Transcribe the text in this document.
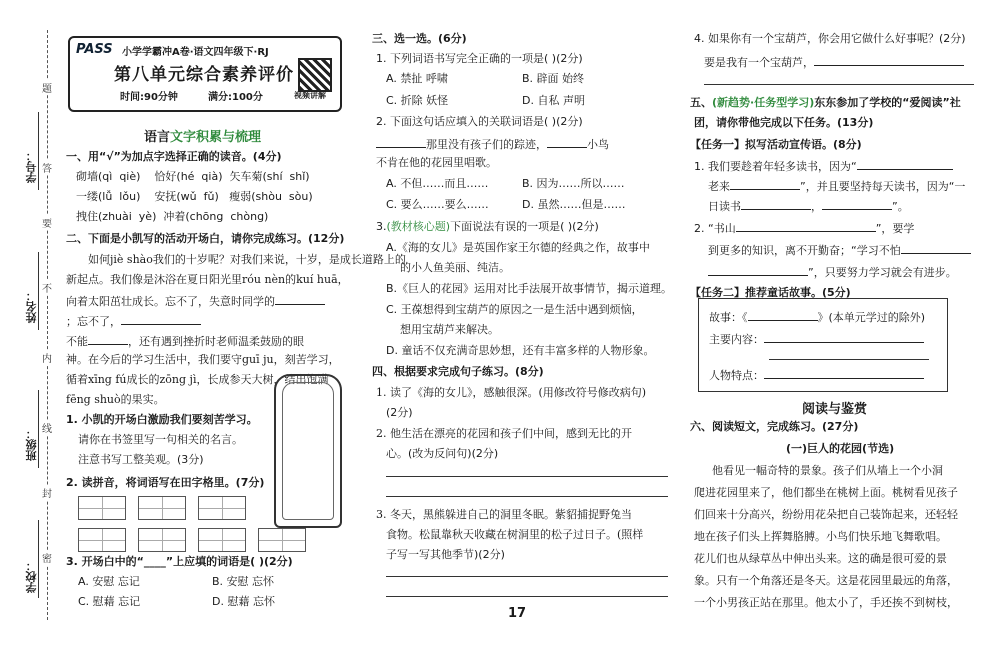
学号：
姓名：
班级：
学校：
题
答
要
不
内
线
封
密
PASS 小学学霸冲A卷·语文四年级下·RJ
第八单元综合素养评价
时间:90分钟	满分:100分	视频讲解
语言文字积累与梳理
一、用“√”为加点字选择正确的读音。(4分)
砌墙(qì  qiè)    恰好(hé  qià)  矢车菊(shí  shǐ)
一缕(lǚ  lǒu)    安抚(wǔ  fǔ)   瘦弱(shòu  sòu)
拽住(zhuài  yè)  冲着(chōng  chòng)
二、下面是小凯写的活动开场白，请你完成练习。(12分)
如何jiè shào我们的十岁呢？对我们来说，十岁，是成长道路上的
新起点。我们像是沐浴在夏日阳光里róu nèn的kuí huā，
向着太阳茁壮成长。忘不了，失意时同学的
；忘不了，
不能	，还有遇到挫折时老师温柔鼓励的眼
神。在今后的学习生活中，我们要守guī ju，刻苦学习，
循着xīng fú成长的zōng jì，长成参天大树，结出饱满
fēng shuò的果实。
1. 小凯的开场白激励我们要刻苦学习。
请你在书签里写一句相关的名言。
注意书写工整美观。(3分)
2. 读拼音，将词语写在田字格里。(7分)
3. 开场白中的“____”上应填的词语是( )(2分)
A. 安慰 忘记	B. 安慰 忘怀
C. 慰藉 忘记	D. 慰藉 忘怀
三、选一选。(6分)
1. 下列词语书写完全正确的一项是( )(2分)
A. 禁扯 呼啸	B. 辟面 始终
C. 折除 妖怪	D. 自私 声明
2. 下面这句话应填入的关联词语是( )(2分)
那里没有孩子们的踪迹，	小鸟
不肯在他的花园里唱歌。
A. 不但……而且……	B. 因为……所以……
C. 要么……要么……	D. 虽然……但是……
3.(教材核心题)下面说法有误的一项是( )(2分)
A.《海的女儿》是英国作家王尔德的经典之作，故事中
的小人鱼美丽、纯洁。
B.《巨人的花园》运用对比手法展开故事情节，揭示道理。
C. 王葆想得到宝葫芦的原因之一是生活中遇到烦恼，
想用宝葫芦来解决。
D. 童话不仅充满奇思妙想，还有丰富多样的人物形象。
四、根据要求完成句子练习。(8分)
1. 读了《海的女儿》，感触很深。(用修改符号修改病句)
(2分)
2. 他生活在漂亮的花园和孩子们中间，感到无比的开
心。(改为反问句)(2分)
3. 冬天，黑熊躲进自己的洞里冬眠。紫貂捕捉野兔当
食物。松鼠靠秋天收藏在树洞里的松子过日子。(照样
子写一写其他季节)(2分)
17
4. 如果你有一个宝葫芦，你会用它做什么好事呢？(2分)
要是我有一个宝葫芦，
五、(新趋势·任务型学习)东东参加了学校的“爱阅读”社
团，请你带他完成以下任务。(13分)
【任务一】拟写活动宣传语。(8分)
1. 我们要趁着年轻多读书，因为“
老来	”，并且要坚持每天读书，因为“一
日读书	，	”。
2. “书山	”，要学
到更多的知识，离不开勤奋；“学习不怕
”，只要努力学习就会有进步。
【任务二】推荐童话故事。(5分)
故事：《	》(本单元学过的除外)
主要内容：
人物特点：
阅读与鉴赏
六、阅读短文，完成练习。(27分)
(一)巨人的花园(节选)
他看见一幅奇特的景象。孩子们从墙上一个小洞
爬进花园里来了，他们都坐在桃树上面。桃树看见孩子
们回来十分高兴，纷纷用花朵把自己装饰起来，还轻轻
地在孩子们头上挥舞胳膊。小鸟们快乐地飞舞歌唱。
花儿们也从绿草丛中伸出头来。这的确是很可爱的景
象。只有一个角落还是冬天。这是花园里最远的角落，
一个小男孩正站在那里。他太小了，手还挨不到树枝，
